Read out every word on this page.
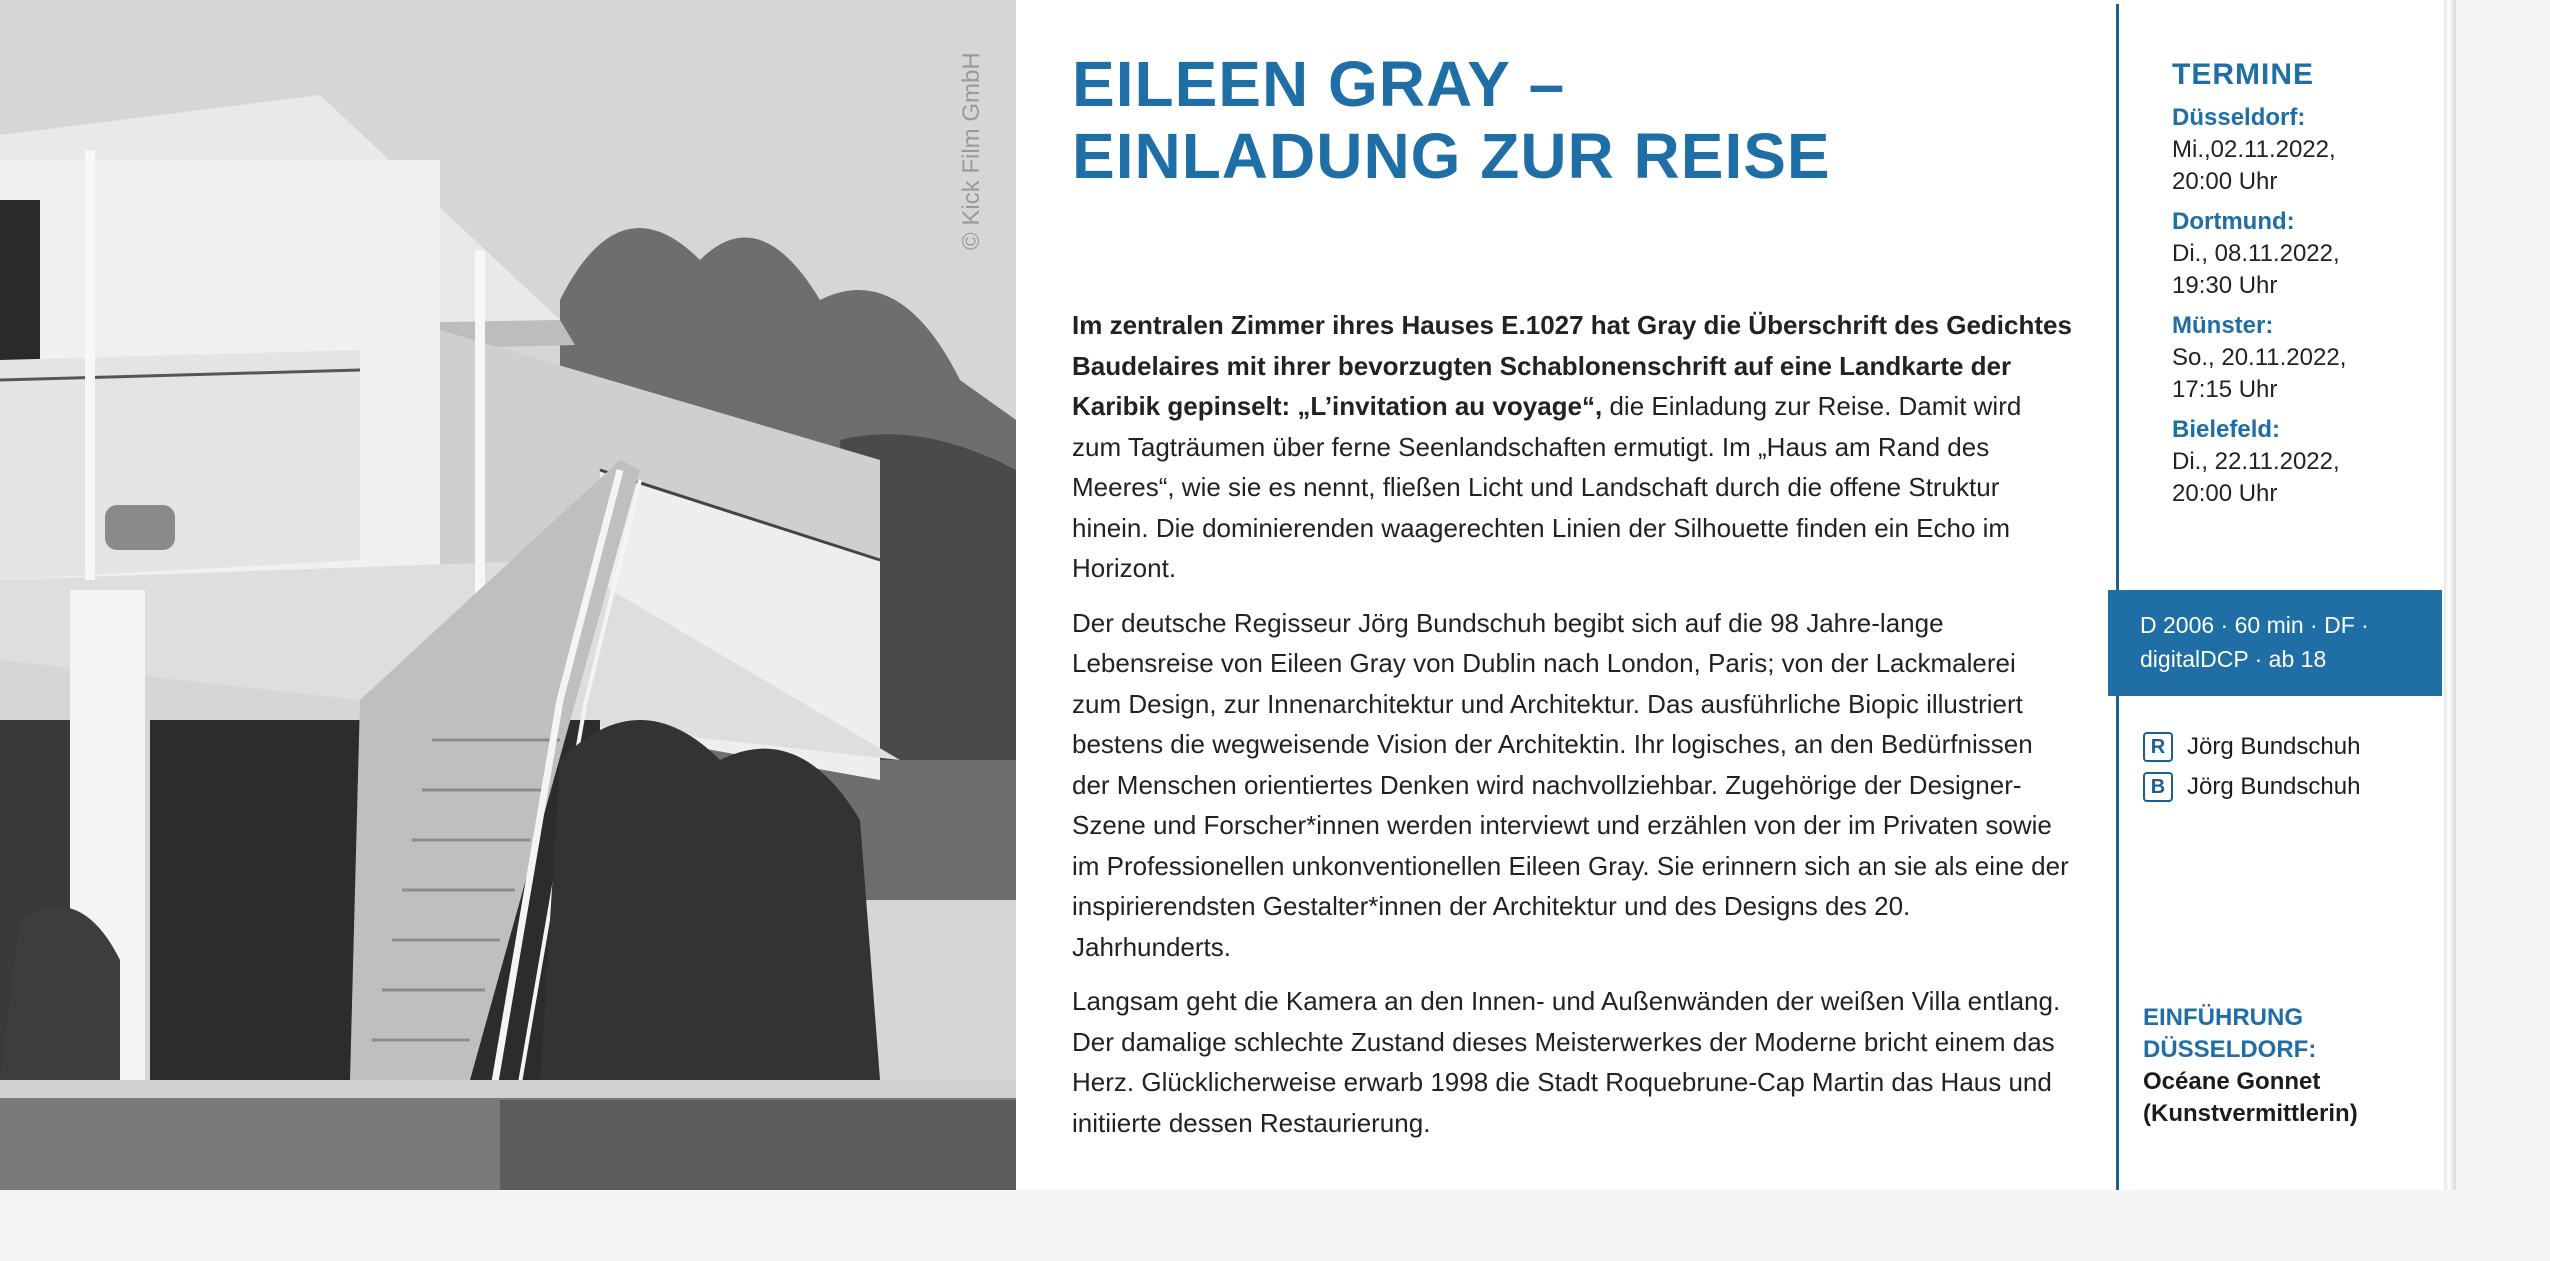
© Kick Film GmbH EILEEN GRAY –
EINLADUNG ZUR REISE

Im zentralen Zimmer ihres Hauses E.1027 hat Gray die Überschrift des Gedichtes Baudelaires mit ihrer bevorzugten Schablonenschrift auf eine Landkarte der Karibik gepinselt: „L’invitation au voyage“, die Einladung zur Reise. Damit wird zum Tagträumen über ferne Seenlandschaften ermutigt. Im „Haus am Rand des Meeres“, wie sie es nennt, fließen Licht und Landschaft durch die offene Struktur hinein. Die dominierenden waagerechten Linien der Silhouette finden ein Echo im Horizont.

Der deutsche Regisseur Jörg Bundschuh begibt sich auf die 98 Jahre-lange Lebensreise von Eileen Gray von Dublin nach London, Paris; von der Lackmalerei zum Design, zur Innenarchitektur und Architektur. Das ausführliche Biopic illustriert bestens die wegweisende Vision der Architektin. Ihr logisches, an den Bedürfnissen der Menschen orientiertes Denken wird nachvollziehbar. Zugehörige der Designer-Szene und Forscher*innen werden interviewt und erzählen von der im Privaten sowie im Professionellen unkonventionellen Eileen Gray. Sie erinnern sich an sie als eine der inspirierendsten Gestalter*innen der Architektur und des Designs des 20. Jahrhunderts.

Langsam geht die Kamera an den Innen- und Außenwänden der weißen Villa entlang. Der damalige schlechte Zustand dieses Meisterwerkes der Moderne bricht einem das Herz. Glücklicherweise erwarb 1998 die Stadt Roquebrune-Cap Martin das Haus und initiierte dessen Restaurierung.

TERMINE
Düsseldorf:
Mi.,02.11.2022,
20:00 Uhr
Dortmund:
Di., 08.11.2022,
19:30 Uhr
Münster:
So., 20.11.2022,
17:15 Uhr
Bielefeld:
Di., 22.11.2022,
20:00 Uhr
D 2006 · 60 min · DF ·
digitalDCP · ab 18
R Jörg Bundschuh
B Jörg Bundschuh
EINFÜHRUNG
DÜSSELDORF:
Océane Gonnet
(Kunstvermittlerin)
